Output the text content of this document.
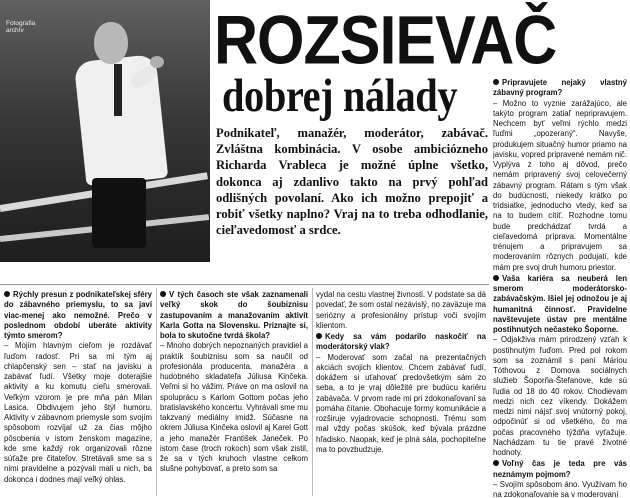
Fotografia archív	ROZSIEVAČ
dobrej nálady
Podnikateľ, manažér, moderátor, zabávač. Zvláštna kombinácia. V osobe ambiciózneho Richarda Vrableca je možné úplne všetko, dokonca aj zdanlivo takto na prvý pohľad odlišných povolaní. Ako ich možno prepojiť a robiť všetky naplno? Vraj na to treba odhodlanie, cieľavedomosť a srdce.

Rýchly presun z podnikateľskej sféry do zábavného priemyslu, to sa javí viac-menej ako nemožné. Prečo v poslednom období uberáte aktivity týmto smerom?

– Mojím hlavným cieľom je rozdávať ľuďom radosť. Pri sa mi tým aj chlapčenský sen – stať na javisku a zabávať ľudí. Všetky moje doterajšie aktivity a ku komutu cieľu smerovali. Veľkým vzorom je pre mňa pán Milan Lasica. Obdivujem jeho štýl humoru. Aktivity v zábavnom priemysle som svojím spôsobom rozvíjal už za čias môjho pôsobenia v istom ženskom magazíne, kde sme každý rok organizovali rôzne súťaže pre čitateľov. Stretávali sme sa s nimi pravidelne a pozývali mali u nich, ba dokonca i dodnes mají veľký ohlas.

V tých časoch ste však zaznamenali veľký skok do šoubiznisu zastupovaním a manažovaním aktivít Karla Gotta na Slovensku. Priznajte si, bola to skutočne tvrdá škola?

– Mnoho dobrých nepoznaných pravidiel a praktík šoubiznisu som sa naučil od profesionála producenta, manažéra a hudobného skladateľa Júliusa Kinčeka. Veľmi si ho vážim. Práve on ma oslovil na spoluprácu s Karlom Gottom počas jeho bratislavského koncertu. Vyhrávali sme mu takzvaný mediálny imidž. Súčasne na okrem Júliusa Kinčeka oslovil aj Karel Gott a jeho manažér František Janeček. Po istom čase (troch rokoch) som však zistil, že sa v tých kruhoch vlastne celkom slušne pohybovať, a preto som sa

vydal na cestu vlastnej živnosti. V podstate sa dá povedať, že som ostal nezávislý, no zaväzuje ma seriózny a profesionálny prístup voči svojím klientom.

Kedy sa vám podarilo naskočiť na moderátorský vlak?

– Moderovať som začal na prezentačných akciách svojich klientov. Chcem zabávať ľudí, dokážem si uťahovať predovšetkým sám zo seba, a to je vraj dôležité pre budúcu kariéru zabávača. V prvom rade mi pri zdokonaľovaní sa pomáha čítanie. Obohacuje formy komunikácie a rozširuje vyjadrovacie schopnosti. Trému som mal vždy počas skúšok, keď bývala prázdne hľadisko. Naopak, keď je plná sála, pochopiteľne ma to povzbudzuje.

Pripravujete nejaký vlastný zábavný program?

– Možno to vyznie zarážajúco, ale takýto program zatiaľ nepripravujem. Nechcem byť veľmi rýchlo medzi ľuďmi „opozeraný“. Navyše, produkujem situačný humor priamo na javisku, vopred pripravené nemám nič. Vyplýva z toho aj dôvod, prečo nemám pripravený svoj celovečerný zábavný program. Rátam s tým však do budúcnosti, niekedy krátko po tridsiatke, jednoducho vtedy, keď sa na to budem cítiť. Rozhodne tomu bude predchádzať tvrdá a cieľavedomá príprava. Momentálne trénujem a pripravujem sa moderovaním rôznych podujatí, kde mám pre svoj druh humoru priestor.

Vaša kariéra sa neuberá len smerom moderátorsko-zabávačským. Išiel jej odnožou je aj humanitná činnosť. Pravidelne navštevujete ústav pre mentálne postihnutých nečasteko Šoporne.

– Odjakživa mám prirodzený vzťah k postihnutým ľuďom. Pred pol rokom som sa zoznámil s paní Máriou Tóthovou z Domova sociálnych služieb Šoporňa-Štefanove, kde sú ľudia od 18 do 40 rokov. Chodievam medzi nich cez víkendy. Dokážem medzi nimi nájsť svoj vnútorný pokoj, odpočinúť si od všetkého, čo ma počas pracovného týždňa vyťažuje. Nachádzam tu tie pravé životné hodnoty.

Voľný čas je teda pre vás neznámym pojmom?

– Svojím spôsobom áno. Využívam ho na zdokonaľovanie sa v moderovaní
